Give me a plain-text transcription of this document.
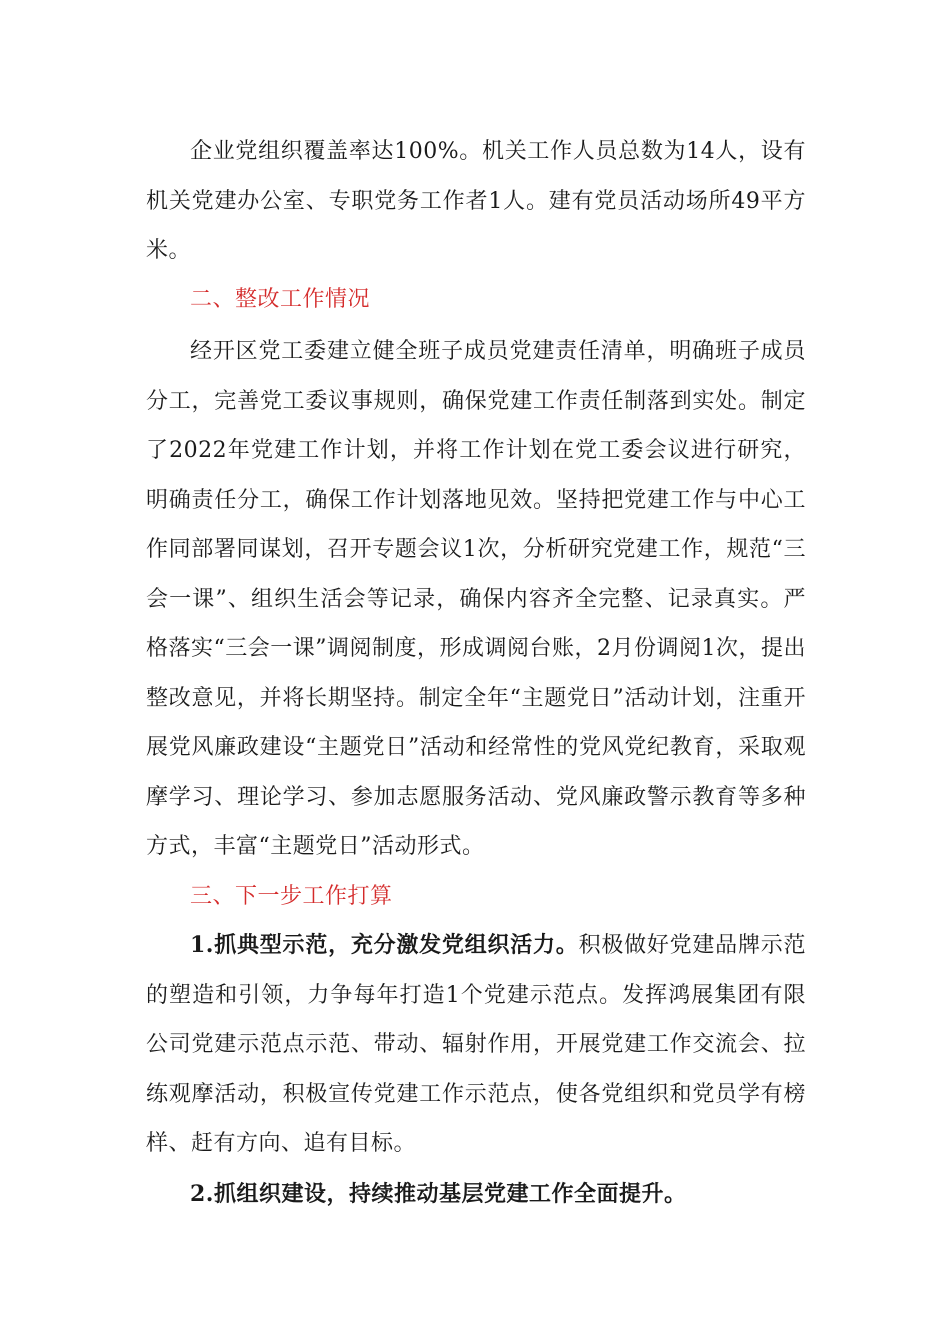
企业党组织覆盖率达100%。机关工作人员总数为14人，设有机关党建办公室、专职党务工作者1人。建有党员活动场所49平方米。

二、整改工作情况

经开区党工委建立健全班子成员党建责任清单，明确班子成员分工，完善党工委议事规则，确保党建工作责任制落到实处。制定了2022年党建工作计划，并将工作计划在党工委会议进行研究，明确责任分工，确保工作计划落地见效。坚持把党建工作与中心工作同部署同谋划，召开专题会议1次，分析研究党建工作，规范“三会一课”、组织生活会等记录，确保内容齐全完整、记录真实。严格落实“三会一课”调阅制度，形成调阅台账，2月份调阅1次，提出整改意见，并将长期坚持。制定全年“主题党日”活动计划，注重开展党风廉政建设“主题党日”活动和经常性的党风党纪教育，采取观摩学习、理论学习、参加志愿服务活动、党风廉政警示教育等多种方式，丰富“主题党日”活动形式。

三、下一步工作打算

1.抓典型示范，充分激发党组织活力。积极做好党建品牌示范的塑造和引领，力争每年打造1个党建示范点。发挥鸿展集团有限公司党建示范点示范、带动、辐射作用，开展党建工作交流会、拉练观摩活动，积极宣传党建工作示范点，使各党组织和党员学有榜样、赶有方向、追有目标。

2.抓组织建设，持续推动基层党建工作全面提升。
